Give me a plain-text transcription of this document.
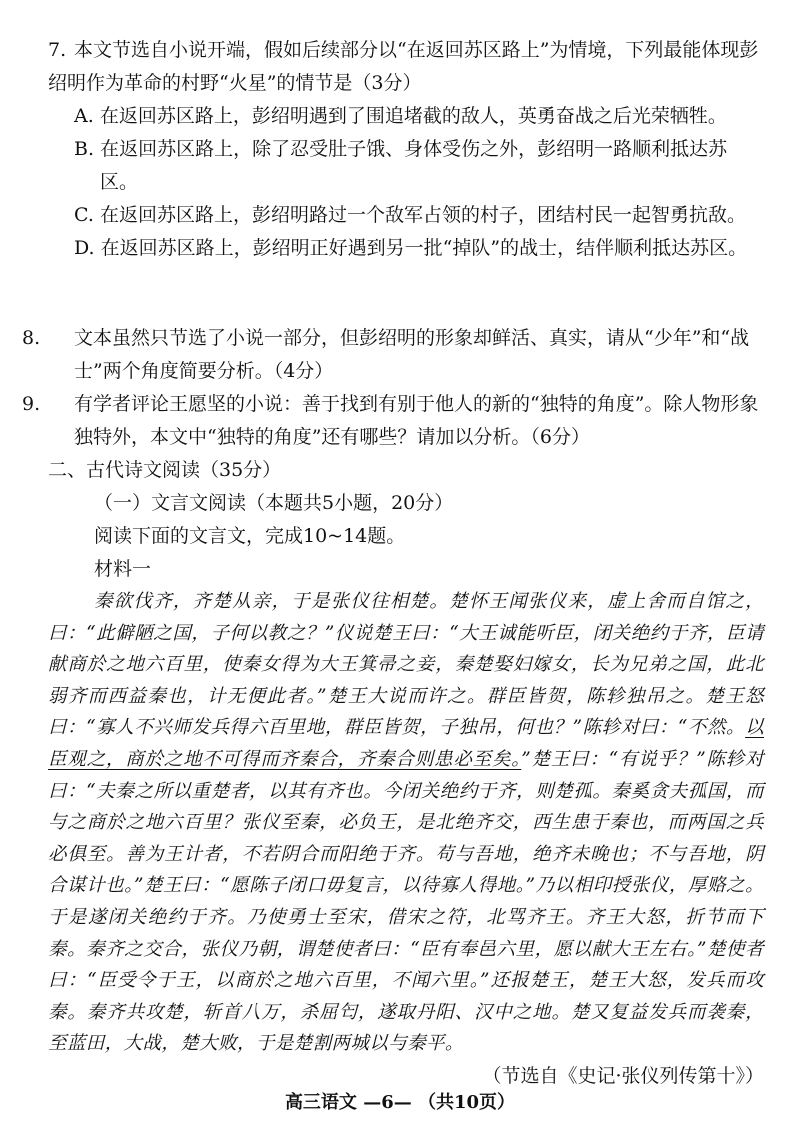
7. 本文节选自小说开端，假如后续部分以“在返回苏区路上”为情境，下列最能体现彭绍明作为革命的村野“火星”的情节是（3分）

A. 在返回苏区路上，彭绍明遇到了围追堵截的敌人，英勇奋战之后光荣牺牲。

B. 在返回苏区路上，除了忍受肚子饿、身体受伤之外，彭绍明一路顺利抵达苏区。

C. 在返回苏区路上，彭绍明路过一个敌军占领的村子，团结村民一起智勇抗敌。

D. 在返回苏区路上，彭绍明正好遇到另一批“掉队”的战士，结伴顺利抵达苏区。

8. 文本虽然只节选了小说一部分，但彭绍明的形象却鲜活、真实，请从“少年”和“战士”两个角度简要分析。（4分）

9. 有学者评论王愿坚的小说：善于找到有别于他人的新的“独特的角度”。除人物形象独特外，本文中“独特的角度”还有哪些？请加以分析。（6分）

二、古代诗文阅读（35分）

（一）文言文阅读（本题共5小题，20分）

阅读下面的文言文，完成10~14题。

材料一

秦欲伐齐，齐楚从亲，于是张仪往相楚。楚怀王闻张仪来，虚上舍而自馆之，曰：“此僻陋之国，子何以教之？”仪说楚王曰：“大王诚能听臣，闭关绝约于齐，臣请献商於之地六百里，使秦女得为大王箕帚之妾，秦楚娶妇嫁女，长为兄弟之国，此北弱齐而西益秦也，计无便此者。”楚王大说而许之。群臣皆贺，陈轸独吊之。楚王怒曰：“寡人不兴师发兵得六百里地，群臣皆贺，子独吊，何也？”陈轸对曰：“不然。以臣观之，商於之地不可得而齐秦合，齐秦合则患必至矣。”楚王曰：“有说乎？”陈轸对曰：“夫秦之所以重楚者，以其有齐也。今闭关绝约于齐，则楚孤。秦奚贪夫孤国，而与之商於之地六百里？张仪至秦，必负王，是北绝齐交，西生患于秦也，而两国之兵必俱至。善为王计者，不若阴合而阳绝于齐。苟与吾地，绝齐未晚也；不与吾地，阴合谋计也。”楚王曰：“愿陈子闭口毋复言，以待寡人得地。”乃以相印授张仪，厚赂之。于是遂闭关绝约于齐。乃使勇士至宋，借宋之符，北骂齐王。齐王大怒，折节而下秦。秦齐之交合，张仪乃朝，谓楚使者曰：“臣有奉邑六里，愿以献大王左右。”楚使者曰：“臣受令于王，以商於之地六百里，不闻六里。”还报楚王，楚王大怒，发兵而攻秦。秦齐共攻楚，斩首八万，杀屈匄，遂取丹阳、汉中之地。楚又复益发兵而袭秦，至蓝田，大战，楚大败，于是楚割两城以与秦平。

（节选自《史记·张仪列传第十》）

高三语文 —6— （共10页）
